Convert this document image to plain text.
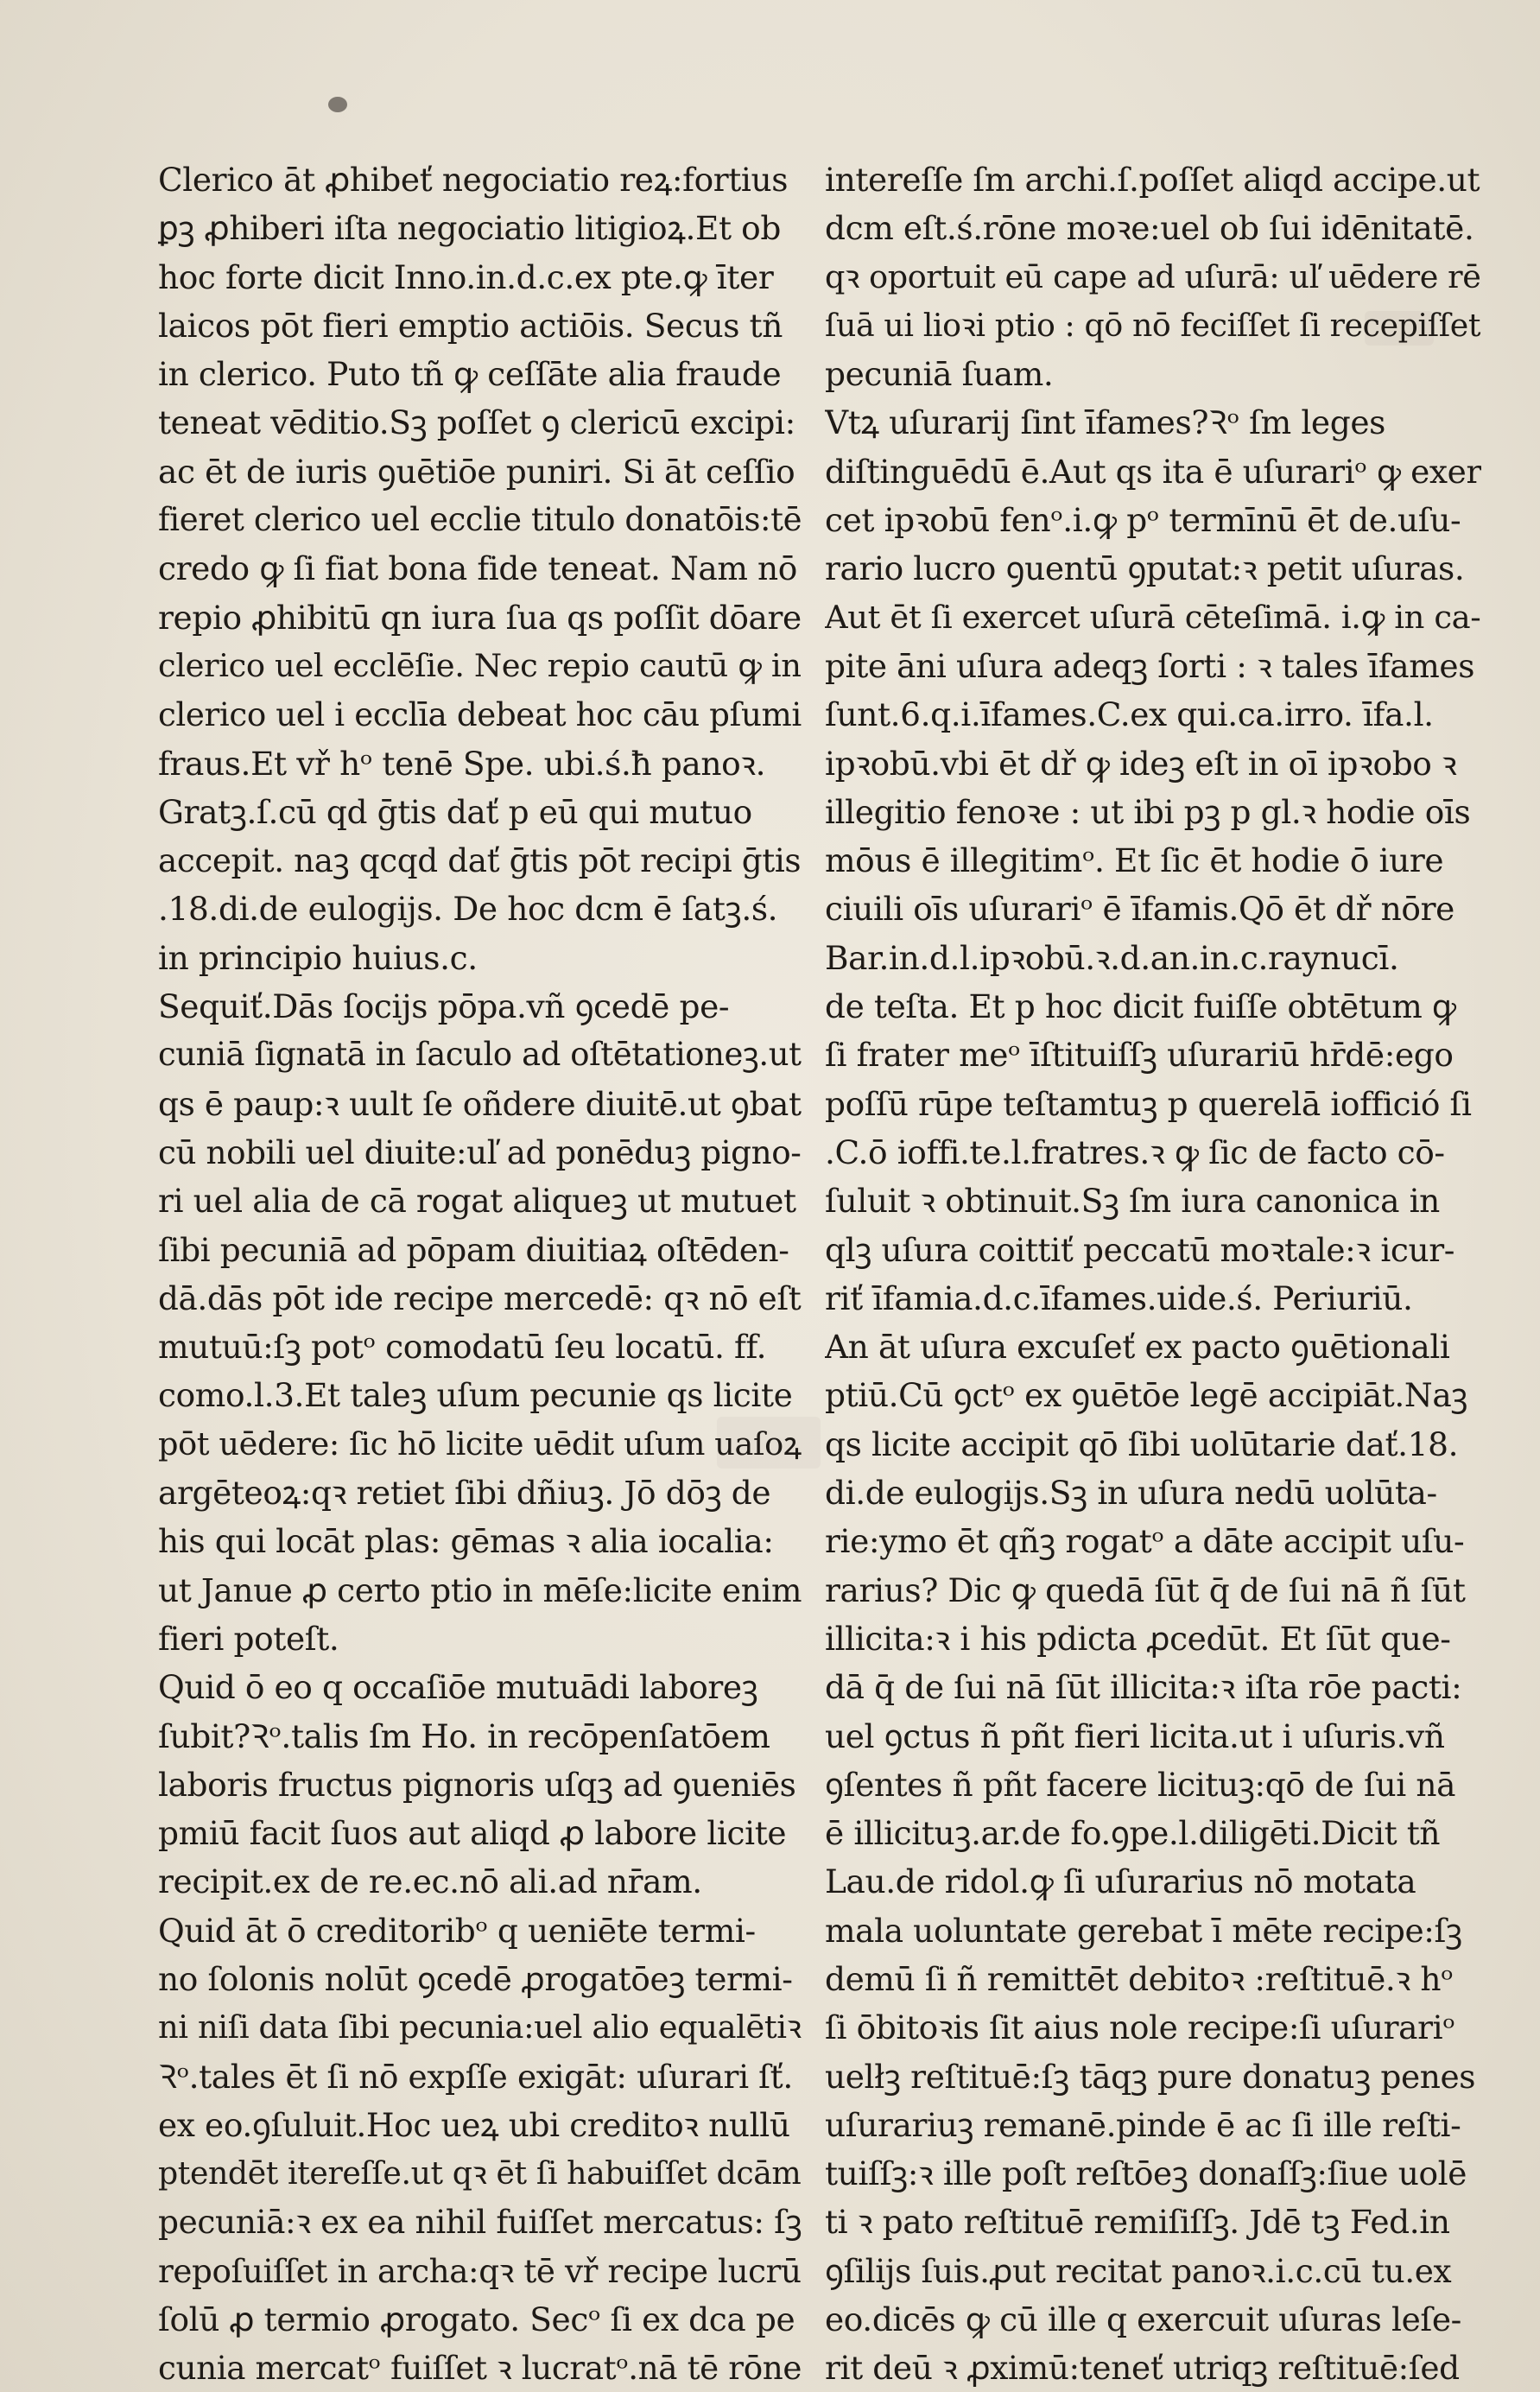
Clerico āt ꝓhibeť negociatio reꝝ:fortius
ꝑꝫ ꝓhiberi iſta negociatio litigioꝝ.Et ob
hoc forte dicit Inno.in.d.c.ex pte.ꝙ īter
laicos pōt fieri emptio actiōis. Secus tñ
in clerico. Puto tñ ꝙ ceſſāte alia fraude
teneat vēditio.Sꝫ poſſet ꝯ clericū excipi:
ac ēt de iuris ꝯuētiōe puniri. Si āt ceſſio
fieret clerico uel ecclie titulo donatōis:tē
credo ꝙ ſi fiat bona fide teneat. Nam nō
repio ꝓhibitū qn iura ſua qs poſſit dōare
clerico uel ecclēſie. Nec repio cautū ꝙ in
clerico uel i ecclīa debeat hoc cāu pſumi
fraus.Et vř hᵒ tenē Spe. ubi.ś.ħ panoꝛ.
Gratꝫ.ſ.cū qd ḡtis dať p eū qui mutuo
accepit. naꝫ qcqd dať ḡtis pōt recipi ḡtis
.18.di.de eulogijs. De hoc dcm ē ſatꝫ.ś.
in principio huius.c.
Sequiť.Dās ſocijs pōpa.vñ ꝯcedē pe-
cuniā ſignatā in ſaculo ad oſtētationeꝫ.ut
qs ē paup:ꝛ uult ſe oñdere diuitē.ut ꝯbat
cū nobili uel diuite:uľ ad ponēduꝫ pigno-
ri uel alia de cā rogat aliqueꝫ ut mutuet
ſibi pecuniā ad pōpam diuitiaꝝ oſtēden-
dā.dās pōt ide recipe mercedē: qꝛ nō eſt
mutuū:ſꝫ potᵒ comodatū ſeu locatū. ff.
como.l.3.Et taleꝫ uſum pecunie qs licite
pōt uēdere: ſic hō licite uēdit uſum uaſoꝝ
argēteoꝝ:qꝛ retiet ſibi dñiuꝫ. Jō dōꝫ de
his qui locāt plas: gēmas ꝛ alia iocalia:
ut Janue ꝓ certo ptio in mēſe:licite enim
fieri poteſt.
Quid ō eo q occaſiōe mutuādi laboreꝫ
ſubit?Ꝛᵒ.talis ſm Ho. in recōpenſatōem
laboris fructus pignoris uſqꝫ ad ꝯueniēs
pmiū facit ſuos aut aliqd ꝓ labore licite
recipit.ex de re.ec.nō ali.ad nr̄am.
Quid āt ō creditoribᵒ q ueniēte termi-
no ſolonis nolūt ꝯcedē ꝓrogatōeꝫ termi-
ni niſi data ſibi pecunia:uel alio equalētiꝛ
Ꝛᵒ.tales ēt ſi nō expſſe exigāt: uſurari ſť.
ex eo.ꝯſuluit.Hoc ueꝝ ubi creditoꝛ nullū
ptendēt itereſſe.ut qꝛ ēt ſi habuiſſet dcām
pecuniā:ꝛ ex ea nihil fuiſſet mercatus: ſꝫ
repoſuiſſet in archa:qꝛ tē vř recipe lucrū
ſolū ꝓ termio ꝓrogato. Secᵒ ſi ex dca pe
cunia mercatᵒ fuiſſet ꝛ lucratᵒ.nā tē rōne
intereſſe ſm archi.ſ.poſſet aliqd accipe.ut
dcm eſt.ś.rōne moꝛe:uel ob ſui idēnitatē.
qꝛ oportuit eū cape ad uſurā: uľ uēdere rē
ſuā ui lioꝛi ptio : qō nō feciſſet ſi recepiſſet
pecuniā ſuam.
Vtꝝ uſurarij ſint īfames?Ꝛᵒ ſm leges
diſtinguēdū ē.Aut qs ita ē uſurariᵒ ꝙ exer
cet ipꝛobū fenᵒ.i.ꝙ pᵒ termīnū ēt de.uſu-
rario lucro ꝯuentū ꝯputat:ꝛ petit uſuras.
Aut ēt ſi exercet uſurā cēteſimā. i.ꝙ in ca-
pite āni uſura adeqꝫ ſorti : ꝛ tales īfames
ſunt.6.q.i.īfames.C.ex qui.ca.irro. īfa.l.
ipꝛobū.vbi ēt dř ꝙ ideꝫ eſt in oī ipꝛobo ꝛ
illegitio fenoꝛe : ut ibi pꝫ p gl.ꝛ hodie oīs
mōus ē illegitimᵒ. Et ſic ēt hodie ō iure
ciuili oīs uſurariᵒ ē īfamis.Qō ēt dř nōre
Bar.in.d.l.ipꝛobū.ꝛ.d.an.in.c.raynucī.
de teſta. Et p hoc dicit fuiſſe obtētum ꝙ
ſi frater meᵒ īſtituiſſꝫ uſurariū hr̄dē:ego
poſſū rūpe teſtamtuꝫ p querelā ioffició ſi
.C.ō ioffi.te.l.fratres.ꝛ ꝙ ſic de facto cō-
ſuluit ꝛ obtinuit.Sꝫ ſm iura canonica in
qlꝫ uſura coittiť peccatū moꝛtale:ꝛ icur-
riť īfamia.d.c.īfames.uide.ś. Periuriū.
An āt uſura excuſeť ex pacto ꝯuētionali
ptiū.Cū ꝯctᵒ ex ꝯuētōe legē accipiāt.Naꝫ
qs licite accipit qō ſibi uolūtarie dať.18.
di.de eulogijs.Sꝫ in uſura nedū uolūta-
rie:ymo ēt qñꝫ rogatᵒ a dāte accipit uſu-
rarius? Dic ꝙ quedā ſūt q̄ de ſui nā ñ ſūt
illicita:ꝛ i his pdicta ꝓcedūt. Et ſūt que-
dā q̄ de ſui nā ſūt illicita:ꝛ iſta rōe pacti:
uel ꝯctus ñ pñt fieri licita.ut i uſuris.vñ
ꝯſentes ñ pñt facere licituꝫ:qō de ſui nā
ē illicituꝫ.ar.de fo.ꝯpe.l.diligēti.Dicit tñ
Lau.de ridol.ꝙ ſi uſurarius nō motata
mala uoluntate gerebat ī mēte recipe:ſꝫ
demū ſi ñ remittēt debitoꝛ :reſtituē.ꝛ hᵒ
ſi ōbitoꝛis ſit aius nole recipe:ſi uſurariᵒ
uelłꝫ reſtituē:ſꝫ tāqꝫ pure donatuꝫ penes
uſurariuꝫ remanē.pinde ē ac ſi ille reſti-
tuiſſꝫ:ꝛ ille poſt reſtōeꝫ donaſſꝫ:ſiue uolē
ti ꝛ pato reſtituē remiſiſſꝫ. Jdē tꝫ Fed.in
ꝯſilijs ſuis.ꝓut recitat panoꝛ.i.c.cū tu.ex
eo.dicēs ꝙ cū ille q exercuit uſuras leſe-
rit deū ꝛ ꝓximū:teneť utriqꝫ reſtituē:ſed
